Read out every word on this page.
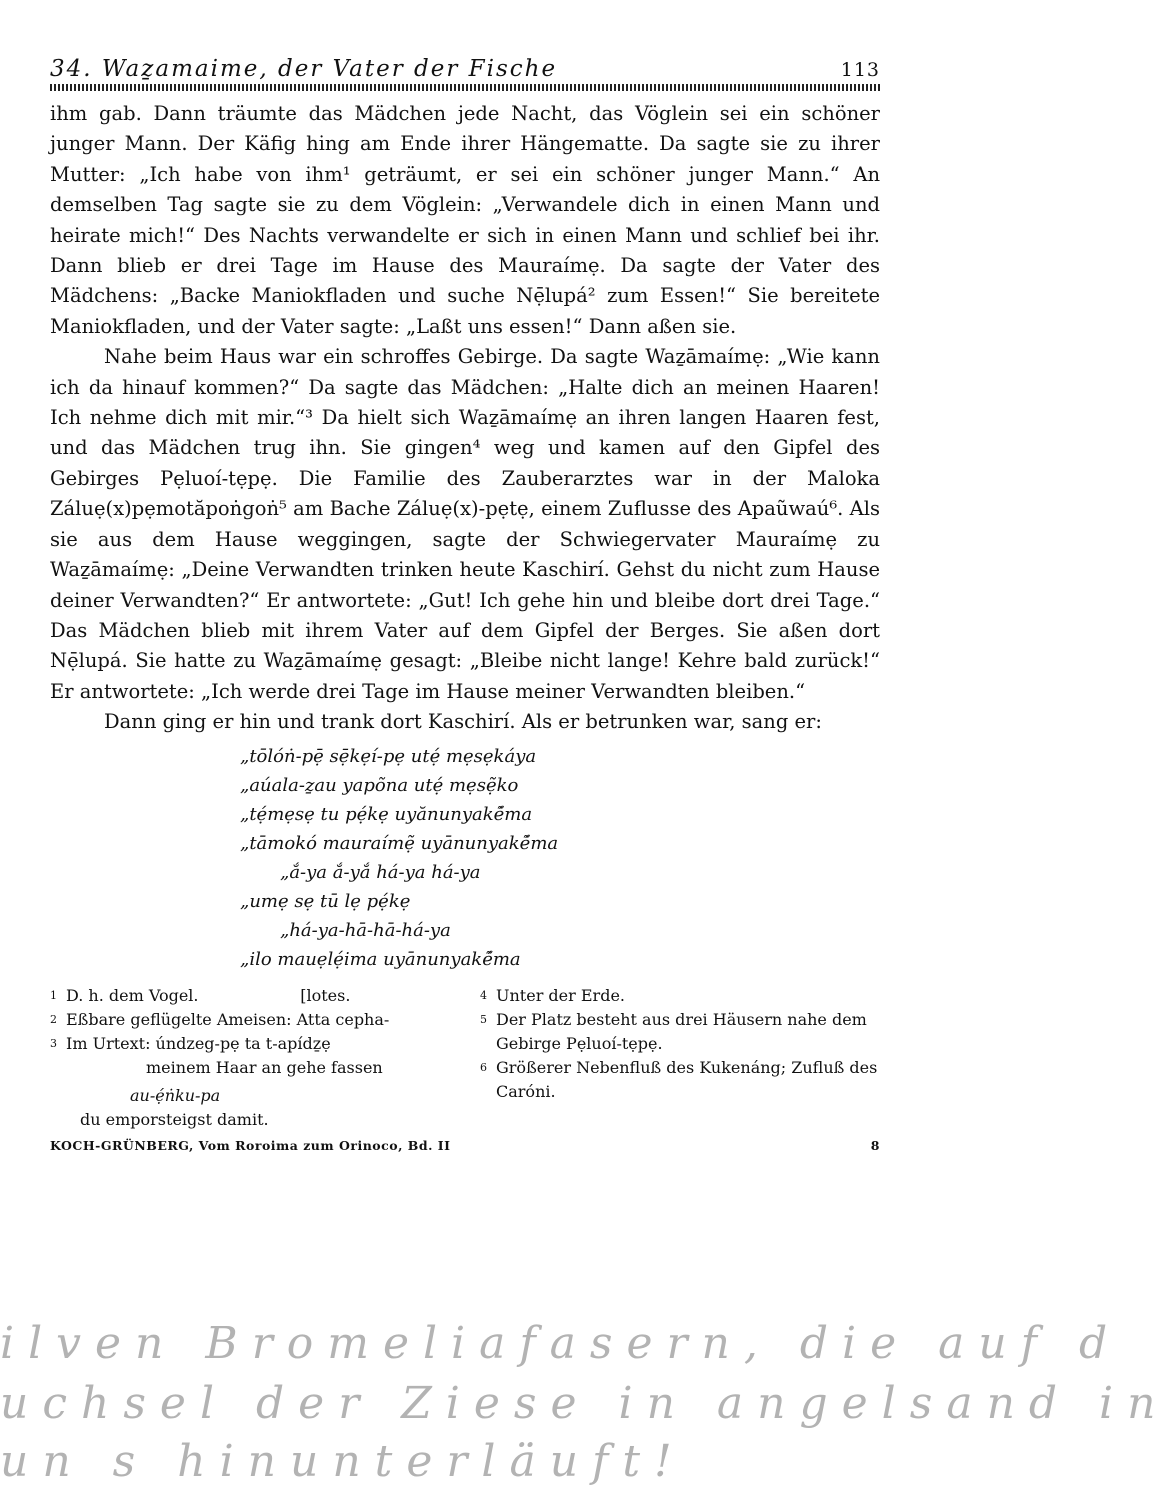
34. Waẕamaime, der Vater der Fische	113

ihm gab. Dann träumte das Mädchen jede Nacht, das Vöglein sei ein schöner junger Mann. Der Käfig hing am Ende ihrer Hängematte. Da sagte sie zu ihrer Mutter: „Ich habe von ihm¹ geträumt, er sei ein schöner junger Mann.“ An demselben Tag sagte sie zu dem Vöglein: „Verwandele dich in einen Mann und heirate mich!“ Des Nachts verwandelte er sich in einen Mann und schlief bei ihr. Dann blieb er drei Tage im Hause des Mauraímẹ. Da sagte der Vater des Mädchens: „Backe Maniokfladen und suche Nẹ̄lupá² zum Essen!“ Sie bereitete Maniokfladen, und der Vater sagte: „Laßt uns essen!“ Dann aßen sie.

Nahe beim Haus war ein schroffes Gebirge. Da sagte Waẕāmaímẹ: „Wie kann ich da hinauf kommen?“ Da sagte das Mädchen: „Halte dich an meinen Haaren! Ich nehme dich mit mir.“³ Da hielt sich Waẕāmaímẹ an ihren langen Haaren fest, und das Mädchen trug ihn. Sie gingen⁴ weg und kamen auf den Gipfel des Gebirges Pẹluoí-tẹpẹ. Die Familie des Zauberarztes war in der Maloka Záluẹ(x)pẹmotăpoṅgoṅ⁵ am Bache Záluẹ(x)-pẹtẹ, einem Zuflusse des Apaũwaú⁶. Als sie aus dem Hause weggingen, sagte der Schwiegervater Mauraímẹ zu Waẕāmaímẹ: „Deine Verwandten trinken heute Kaschirí. Gehst du nicht zum Hause deiner Verwandten?“ Er antwortete: „Gut! Ich gehe hin und bleibe dort drei Tage.“ Das Mädchen blieb mit ihrem Vater auf dem Gipfel der Berges. Sie aßen dort Nẹ̄lupá. Sie hatte zu Waẕāmaímẹ gesagt: „Bleibe nicht lange! Kehre bald zurück!“ Er antwortete: „Ich werde drei Tage im Hause meiner Verwandten bleiben.“

Dann ging er hin und trank dort Kaschirí. Als er betrunken war, sang er:

„tōlóṅ-pẹ̄ sẹ̄kẹí-pẹ utẹ́ mẹsẹkáya
„aúala-ẕau yapõna utẹ́ mẹsẹ̃ko
„tẹ́mẹsẹ tu pẹ́kẹ uyănunyakẽ́ma
„tāmokó mauraímẹ̃ uyānunyakẽ́ma
„ắ-ya ắ-yắ há-ya há-ya
„umẹ sẹ tū lẹ pẹ́kẹ
„há-ya-hā-hā-há-ya
„ilo mauẹlẹ́ima uyānunyakẽ́ma
1 D. h. dem Vogel.                    [lotes.
2 Eßbare geflügelte Ameisen: Atta cepha-
3 Im Urtext: úndzeg-pẹ ta t-apídẕẹ
meinem Haar an gehe fassen
au-ẹ́ṅku-pa
du emporsteigst damit.
4 Unter der Erde.
5 Der Platz besteht aus drei Häusern nahe dem Gebirge Pẹluoí-tẹpẹ.
6 Größerer Nebenfluß des Kukenáng; Zufluß des Carónі.
KOCH-GRÜNBERG, Vom Roroima zum Orinoco, Bd. II	8
ilven Bromeliafasern, die auf d
uchsel der Ziese in angelsand in
un s hinunterläuft!
